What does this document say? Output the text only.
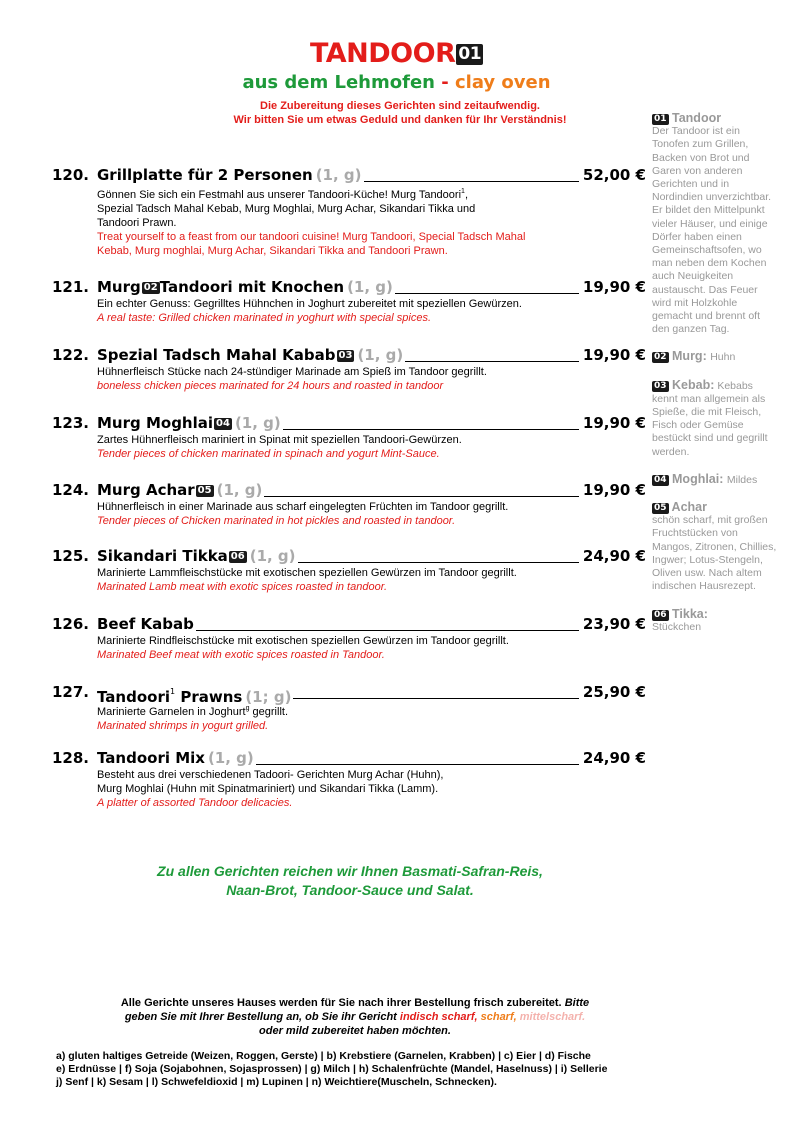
TANDOOR 01
aus dem Lehmofen - clay oven
Die Zubereitung dieses Gerichten sind zeitaufwendig.
Wir bitten Sie um etwas Geduld und danken für Ihr Verständnis!
120. Grillplatte für 2 Personen (1, g)	52,00 €
Gönnen Sie sich ein Festmahl aus unserer Tandoori-Küche! Murg Tandoori$^1$,
Spezial Tadsch Mahal Kebab, Murg Moghlai, Murg Achar, Sikandari Tikka und
Tandoori Prawn.
Treat yourself to a feast from our tandoori cuisine! Murg Tandoori, Special Tadsch Mahal
Kebab, Murg moghlai, Murg Achar, Sikandari Tikka and Tandoori Prawn.
121. Murg 02 Tandoori mit Knochen (1, g)	19,90 €
Ein echter Genuss: Gegrilltes Hühnchen in Joghurt zubereitet mit speziellen Gewürzen.
A real taste: Grilled chicken marinated in yoghurt with special spices.
122. Spezial Tadsch Mahal Kabab 03 (1, g)	19,90 €
Hühnerfleisch Stücke nach 24-stündiger Marinade am Spieß im Tandoor gegrillt.
boneless chicken pieces marinated for 24 hours and roasted in tandoor
123. Murg Moghlai 04 (1, g)	19,90 €
Zartes Hühnerfleisch mariniert in Spinat mit speziellen Tandoori-Gewürzen.
Tender pieces of chicken marinated in spinach and yogurt Mint-Sauce.
124. Murg Achar 05 (1, g)	19,90 €
Hühnerfleisch in einer Marinade aus scharf eingelegten Früchten im Tandoor gegrillt.
Tender pieces of Chicken marinated in hot pickles and roasted in tandoor.
125. Sikandari Tikka 06 (1, g)	24,90 €
Marinierte Lammfleischstücke mit exotischen speziellen Gewürzen im Tandoor gegrillt.
Marinated Lamb meat with exotic spices roasted in tandoor.
126. Beef Kabab	23,90 €
Marinierte Rindfleischstücke mit exotischen speziellen Gewürzen im Tandoor gegrillt.
Marinated Beef meat with exotic spices roasted in Tandoor.
127. Tandoori$^1$ Prawns (1; g)	25,90 €
Marinierte Garnelen in Joghurt$^g$ gegrillt.
Marinated shrimps in yogurt grilled.
128. Tandoori Mix (1, g)	24,90 €
Besteht aus drei verschiedenen Tadoori- Gerichten Murg Achar (Huhn),
Murg Moghlai (Huhn mit Spinatmariniert) und Sikandari Tikka (Lamm).
A platter of assorted Tandoor delicacies.
01 Tandoor
Der Tandoor ist ein Tonofen zum Grillen, Backen von Brot und Garen von anderen Gerichten und in Nordindien unverzichtbar. Er bildet den Mittelpunkt vieler Häuser, und einige Dörfer haben einen Gemeinschaftsofen, wo man neben dem Kochen auch Neuigkeiten austauscht. Das Feuer wird mit Holzkohle gemacht und brennt oft den ganzen Tag.
02 Murg: Huhn
03 Kebab: Kebabs kennt man allgemein als Spieße, die mit Fleisch, Fisch oder Gemüse bestückt sind und gegrillt werden.
04 Moghlai: Mildes
05 Achar
schön scharf, mit großen Fruchtstücken von Mangos, Zitronen, Chillies, Ingwer; Lotus-Stengeln, Oliven usw. Nach altem indischen Hausrezept.
06 Tikka:
Stückchen
Zu allen Gerichten reichen wir Ihnen Basmati-Safran-Reis,
Naan-Brot, Tandoor-Sauce und Salat.
Alle Gerichte unseres Hauses werden für Sie nach ihrer Bestellung frisch zubereitet. Bitte
geben Sie mit Ihrer Bestellung an, ob Sie ihr Gericht indisch scharf, scharf, mittelscharf.
oder mild zubereitet haben möchten.
a) gluten haltiges Getreide (Weizen, Roggen, Gerste) | b) Krebstiere (Garnelen, Krabben) | c) Eier | d) Fische
e) Erdnüsse | f) Soja (Sojabohnen, Sojasprossen) | g) Milch | h) Schalenfrüchte (Mandel, Haselnuss) | i) Sellerie
j) Senf | k) Sesam | l) Schwefeldioxid | m) Lupinen | n) Weichtiere(Muscheln, Schnecken).
